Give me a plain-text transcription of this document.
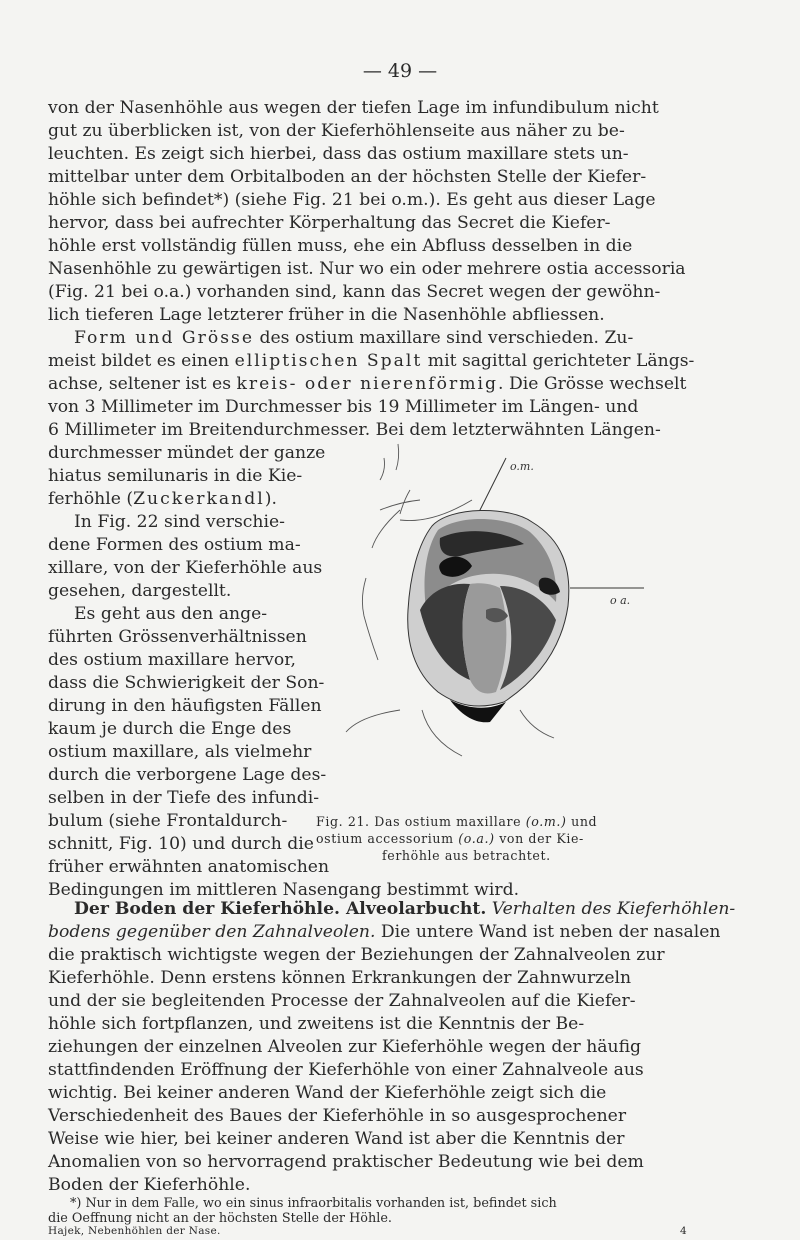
— 49 —
von der Nasenhöhle aus wegen der tiefen Lage im infundibulum nicht
gut zu überblicken ist, von der Kieferhöhlenseite aus näher zu be-
leuchten. Es zeigt sich hierbei, dass das ostium maxillare stets un-
mittelbar unter dem Orbitalboden an der höchsten Stelle der Kiefer-
höhle sich befindet*) (siehe Fig. 21 bei o.m.). Es geht aus dieser Lage
hervor, dass bei aufrechter Körperhaltung das Secret die Kiefer-
höhle erst vollständig füllen muss, ehe ein Abfluss desselben in die
Nasenhöhle zu gewärtigen ist. Nur wo ein oder mehrere ostia accessoria
(Fig. 21 bei o.a.) vorhanden sind, kann das Secret wegen der gewöhn-
lich tieferen Lage letzterer früher in die Nasenhöhle abfliessen.
Form und Grösse des ostium maxillare sind verschieden. Zu-
meist bildet es einen elliptischen Spalt mit sagittal gerichteter Längs-
achse, seltener ist es kreis- oder nierenförmig. Die Grösse wechselt
von 3 Millimeter im Durchmesser bis 19 Millimeter im Längen- und
6 Millimeter im Breitendurchmesser. Bei dem letzterwähnten Längen-
durchmesser mündet der ganze
hiatus semilunaris in die Kie-
ferhöhle (Zuckerkandl).
In Fig. 22 sind verschie-
dene Formen des ostium ma-
xillare, von der Kieferhöhle aus
gesehen, dargestellt.
Es geht aus den ange-
führten Grössenverhältnissen
des ostium maxillare hervor,
dass die Schwierigkeit der Son-
dirung in den häufigsten Fällen
kaum je durch die Enge des
ostium maxillare, als vielmehr
durch die verborgene Lage des-
selben in der Tiefe des infundi-
bulum (siehe Frontaldurch-
schnitt, Fig. 10) und durch die
früher erwähnten anatomischen
Bedingungen im mittleren Nasengang bestimmt wird.
o.m.
o a.
Fig. 21. Das ostium maxillare (o.m.) und
ostium accessorium (o.a.) von der Kie-
ferhöhle aus betrachtet.
Der Boden der Kieferhöhle. Alveolarbucht. Verhalten des Kieferhöhlen-
bodens gegenüber den Zahnalveolen. Die untere Wand ist neben der nasalen
die praktisch wichtigste wegen der Beziehungen der Zahnalveolen zur
Kieferhöhle. Denn erstens können Erkrankungen der Zahnwurzeln
und der sie begleitenden Processe der Zahnalveolen auf die Kiefer-
höhle sich fortpflanzen, und zweitens ist die Kenntnis der Be-
ziehungen der einzelnen Alveolen zur Kieferhöhle wegen der häufig
stattfindenden Eröffnung der Kieferhöhle von einer Zahnalveole aus
wichtig. Bei keiner anderen Wand der Kieferhöhle zeigt sich die
Verschiedenheit des Baues der Kieferhöhle in so ausgesprochener
Weise wie hier, bei keiner anderen Wand ist aber die Kenntnis der
Anomalien von so hervorragend praktischer Bedeutung wie bei dem
Boden der Kieferhöhle.
*) Nur in dem Falle, wo ein sinus infraorbitalis vorhanden ist, befindet sich
die Oeffnung nicht an der höchsten Stelle der Höhle.
Hajek, Nebenhöhlen der Nase.	4
